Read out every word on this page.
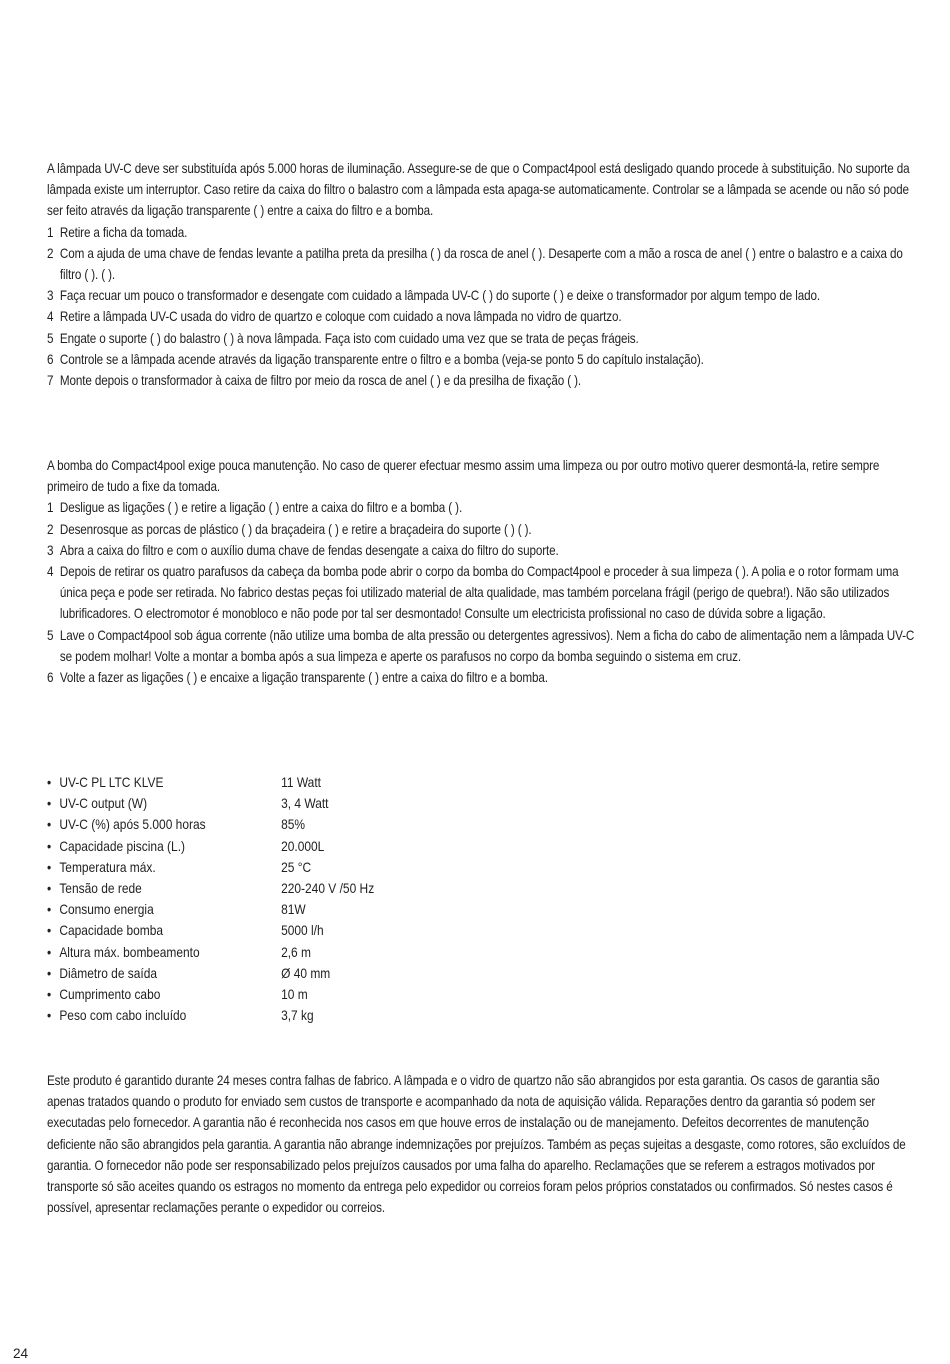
A lâmpada UV-C deve ser substituída após 5.000 horas de iluminação. Assegure-se de que o Compact4pool está desligado quando procede à substituição. No suporte da lâmpada existe um interruptor. Caso retire da caixa do filtro o balastro com a lâmpada esta apaga-se automaticamente. Controlar se a lâmpada se acende ou não só pode ser feito através da ligação transparente ( ) entre a caixa do filtro e a bomba.

1 Retire a ficha da tomada.
2 Com a ajuda de uma chave de fendas levante a patilha preta da presilha ( ) da rosca de anel ( ). Desaperte com a mão a rosca de anel ( ) entre o balastro e a caixa do filtro ( ). ( ).
3 Faça recuar um pouco o transformador e desengate com cuidado a lâmpada UV-C ( ) do suporte ( ) e deixe o transformador por algum tempo de lado.
4 Retire a lâmpada UV-C usada do vidro de quartzo e coloque com cuidado a nova lâmpada no vidro de quartzo.
5 Engate o suporte ( ) do balastro ( ) à nova lâmpada. Faça isto com cuidado uma vez que se trata de peças frágeis.
6 Controle se a lâmpada acende através da ligação transparente entre o filtro e a bomba (veja-se ponto 5 do capítulo instalação).
7 Monte depois o transformador à caixa de filtro por meio da rosca de anel ( ) e da presilha de fixação ( ).

A bomba do Compact4pool exige pouca manutenção. No caso de querer efectuar mesmo assim uma limpeza ou por outro motivo querer desmontá-la, retire sempre primeiro de tudo a fixe da tomada.

1 Desligue as ligações ( ) e retire a ligação ( ) entre a caixa do filtro e a bomba ( ).
2 Desenrosque as porcas de plástico ( ) da braçadeira ( ) e retire a braçadeira do suporte ( ) ( ).
3 Abra a caixa do filtro e com o auxílio duma chave de fendas desengate a caixa do filtro do suporte.
4 Depois de retirar os quatro parafusos da cabeça da bomba pode abrir o corpo da bomba do Compact4pool e proceder à sua limpeza ( ). A polia e o rotor formam uma única peça e pode ser retirada. No fabrico destas peças foi utilizado material de alta qualidade, mas também porcelana frágil (perigo de quebra!). Não são utilizados lubrificadores. O electromotor é monobloco e não pode por tal ser desmontado! Consulte um electricista profissional no caso de dúvida sobre a ligação.
5 Lave o Compact4pool sob água corrente (não utilize uma bomba de alta pressão ou detergentes agressivos). Nem a ficha do cabo de alimentação nem a lâmpada UV-C se podem molhar! Volte a montar a bomba após a sua limpeza e aperte os parafusos no corpo da bomba seguindo o sistema em cruz.
6 Volte a fazer as ligações ( ) e encaixe a ligação transparente ( ) entre a caixa do filtro e a bomba.
• UV-C PL LTC KLVE	11 Watt
• UV-C output (W)	3, 4 Watt
• UV-C (%) após 5.000 horas	85%
• Capacidade piscina (L.)	20.000L
• Temperatura máx.	25 °C
• Tensão de rede	220-240 V /50 Hz
• Consumo energia	81W
• Capacidade bomba	5000 l/h
• Altura máx. bombeamento	2,6 m
• Diâmetro de saída	Ø 40 mm
• Cumprimento cabo	10 m
• Peso com cabo incluído	3,7 kg

Este produto é garantido durante 24 meses contra falhas de fabrico. A lâmpada e o vidro de quartzo não são abrangidos por esta garantia. Os casos de garantia são apenas tratados quando o produto for enviado sem custos de transporte e acompanhado da nota de aquisição válida. Reparações dentro da garantia só podem ser executadas pelo fornecedor. A garantia não é reconhecida nos casos em que houve erros de instalação ou de manejamento. Defeitos decorrentes de manutenção deficiente não são abrangidos pela garantia. A garantia não abrange indemnizações por prejuízos. Também as peças sujeitas a desgaste, como rotores, são excluídos de garantia. O fornecedor não pode ser responsabilizado pelos prejuízos causados por uma falha do aparelho. Reclamações que se referem a estragos motivados por transporte só são aceites quando os estragos no momento da entrega pelo expedidor ou correios foram pelos próprios constatados ou confirmados. Só nestes casos é possível, apresentar reclamações perante o expedidor ou correios.

24
